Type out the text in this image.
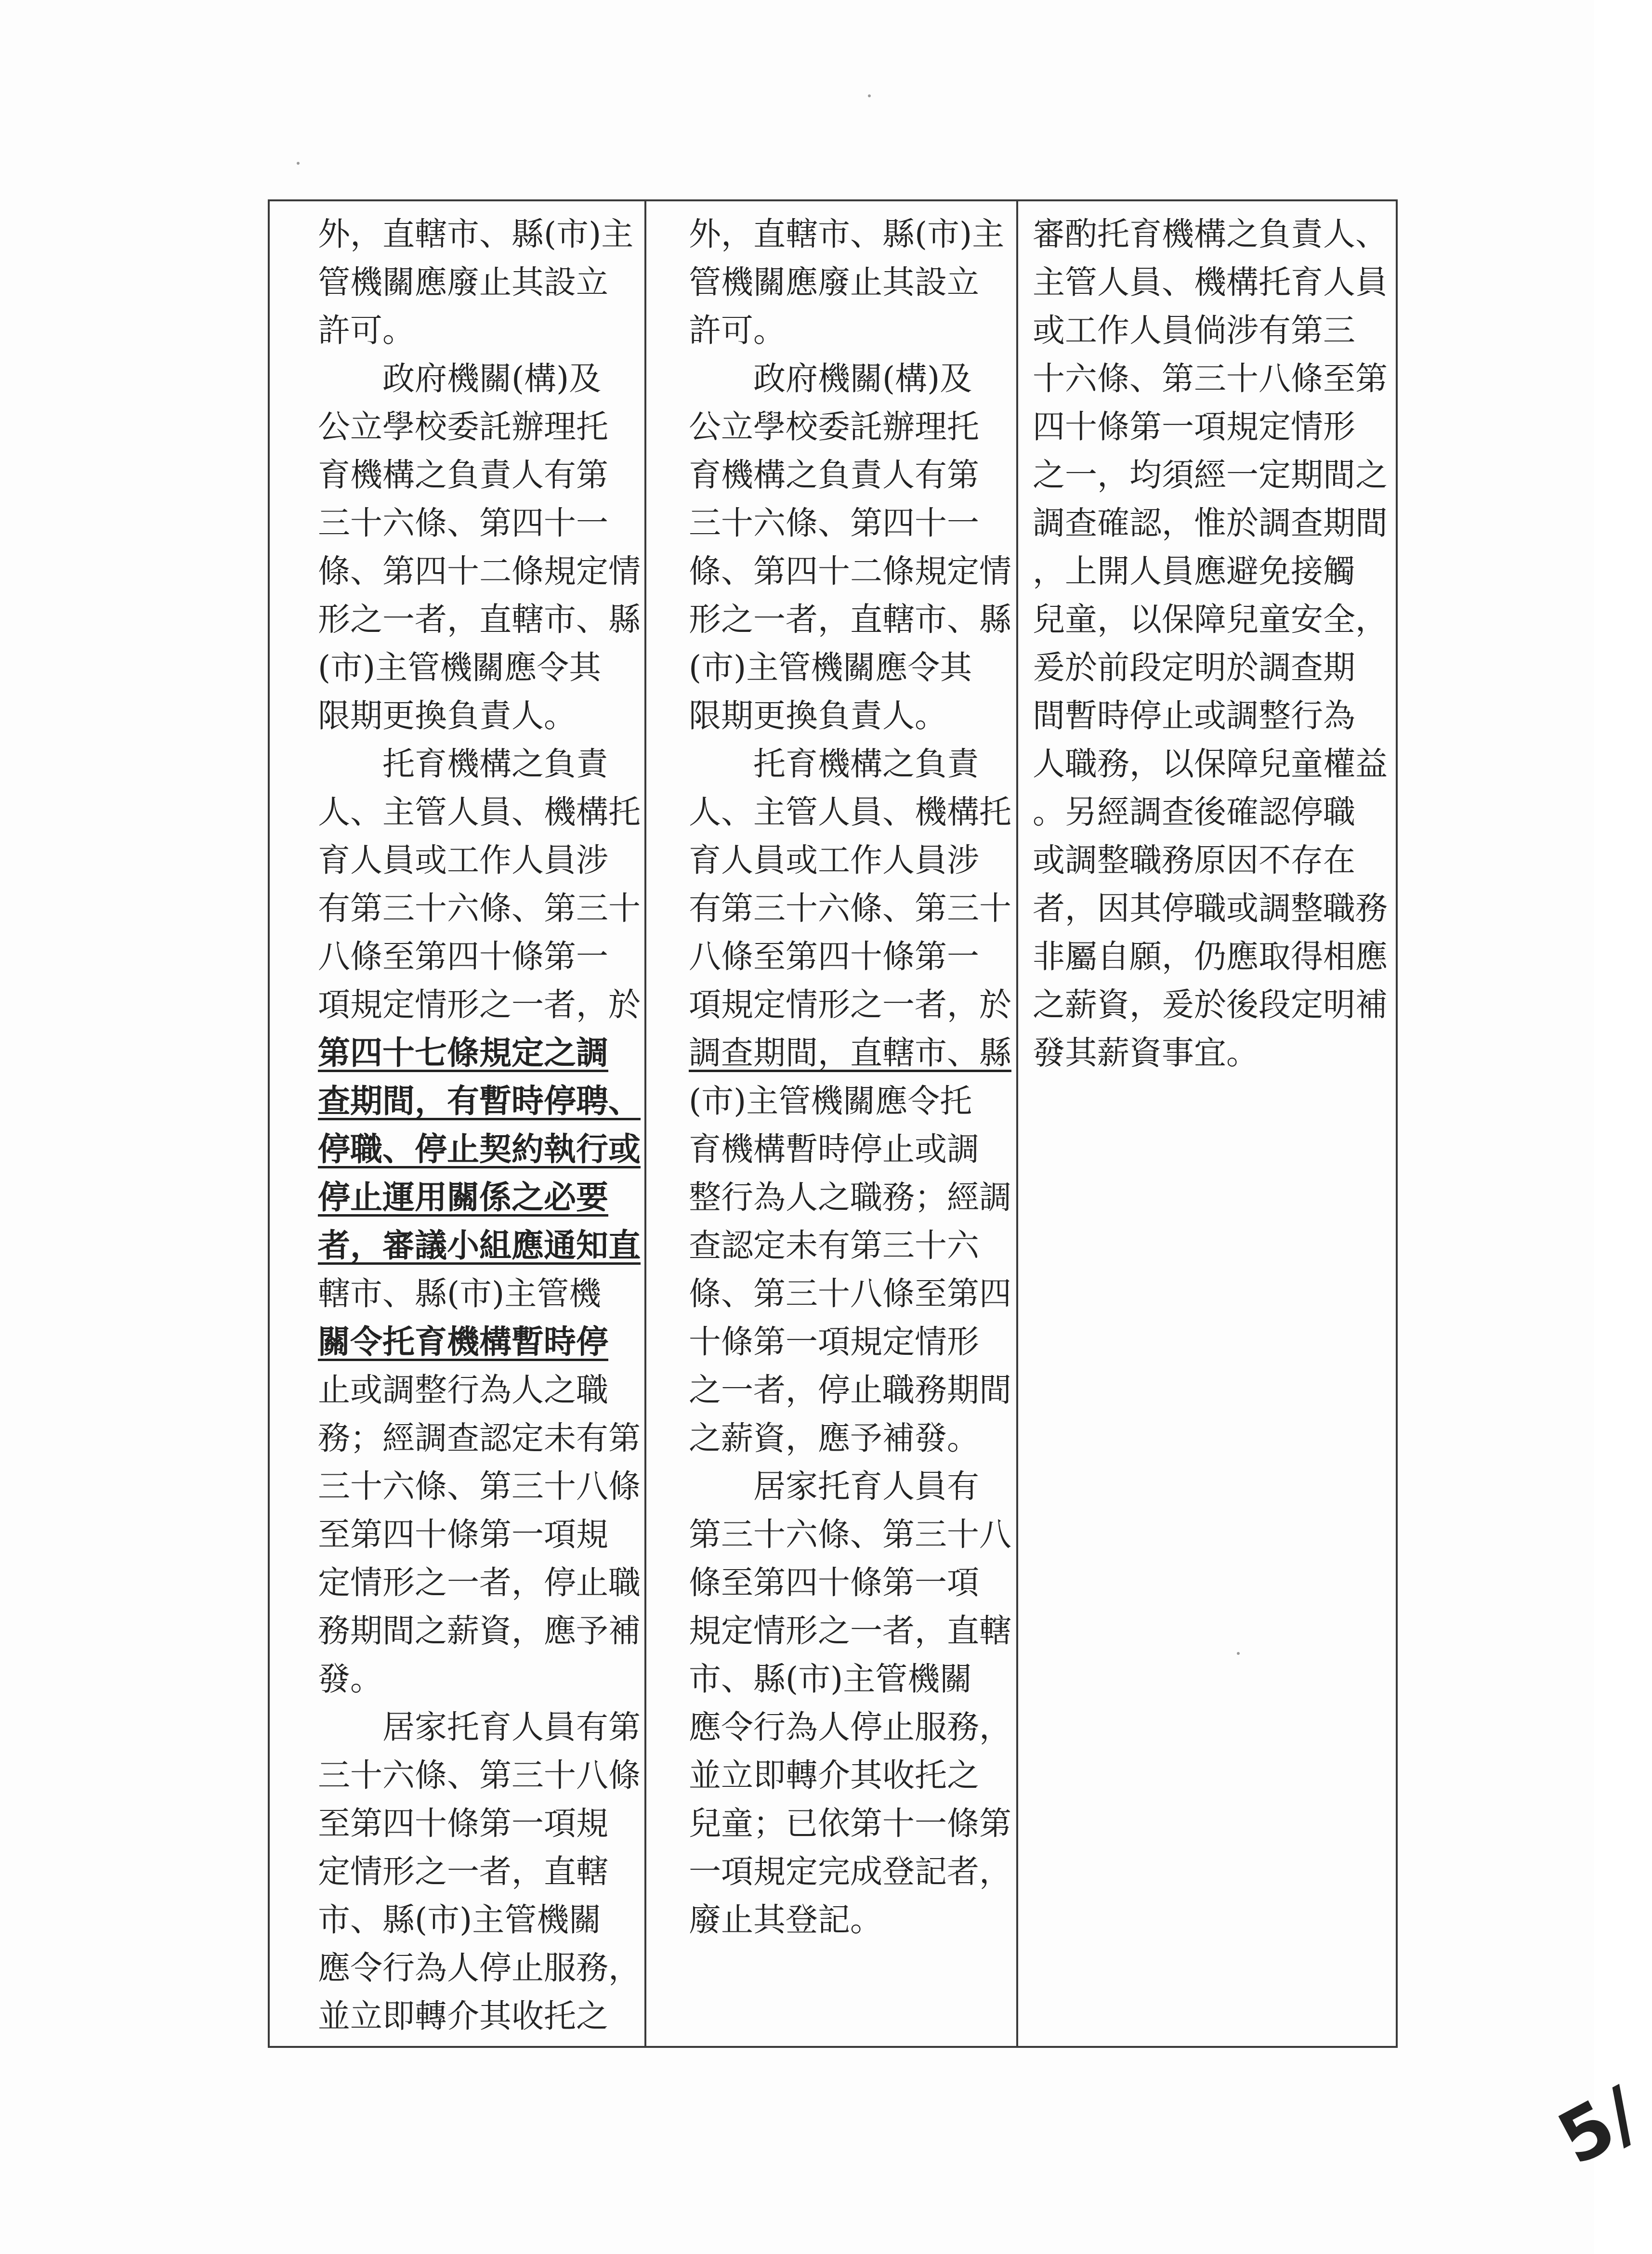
外，直轄市、縣(市)主
管機關應廢止其設立
許可。
　　政府機關(構)及
公立學校委託辦理托
育機構之負責人有第
三十六條、第四十一
條、第四十二條規定情
形之一者，直轄市、縣
(市)主管機關應令其
限期更換負責人。
　　托育機構之負責
人、主管人員、機構托
育人員或工作人員涉
有第三十六條、第三十
八條至第四十條第一
項規定情形之一者，於
第四十七條規定之調
查期間，有暫時停聘、
停職、停止契約執行或
停止運用關係之必要
者，審議小組應通知直
轄市、縣(市)主管機
關令托育機構暫時停
止或調整行為人之職
務；經調查認定未有第
三十六條、第三十八條
至第四十條第一項規
定情形之一者，停止職
務期間之薪資，應予補
發。
　　居家托育人員有第
三十六條、第三十八條
至第四十條第一項規
定情形之一者，直轄
市、縣(市)主管機關
應令行為人停止服務，
並立即轉介其收托之

外，直轄市、縣(市)主
管機關應廢止其設立
許可。
　　政府機關(構)及
公立學校委託辦理托
育機構之負責人有第
三十六條、第四十一
條、第四十二條規定情
形之一者，直轄市、縣
(市)主管機關應令其
限期更換負責人。
　　托育機構之負責
人、主管人員、機構托
育人員或工作人員涉
有第三十六條、第三十
八條至第四十條第一
項規定情形之一者，於
調查期間，直轄市、縣
(市)主管機關應令托
育機構暫時停止或調
整行為人之職務；經調
查認定未有第三十六
條、第三十八條至第四
十條第一項規定情形
之一者，停止職務期間
之薪資，應予補發。
　　居家托育人員有
第三十六條、第三十八
條至第四十條第一項
規定情形之一者，直轄
市、縣(市)主管機關
應令行為人停止服務，
並立即轉介其收托之
兒童；已依第十一條第
一項規定完成登記者，
廢止其登記。

審酌托育機構之負責人、
主管人員、機構托育人員
或工作人員倘涉有第三
十六條、第三十八條至第
四十條第一項規定情形
之一，均須經一定期間之
調查確認，惟於調查期間
，上開人員應避免接觸
兒童，以保障兒童安全，
爰於前段定明於調查期
間暫時停止或調整行為
人職務，以保障兒童權益
。另經調查後確認停職
或調整職務原因不存在
者，因其停職或調整職務
非屬自願，仍應取得相應
之薪資，爰於後段定明補
發其薪資事宜。
5/
